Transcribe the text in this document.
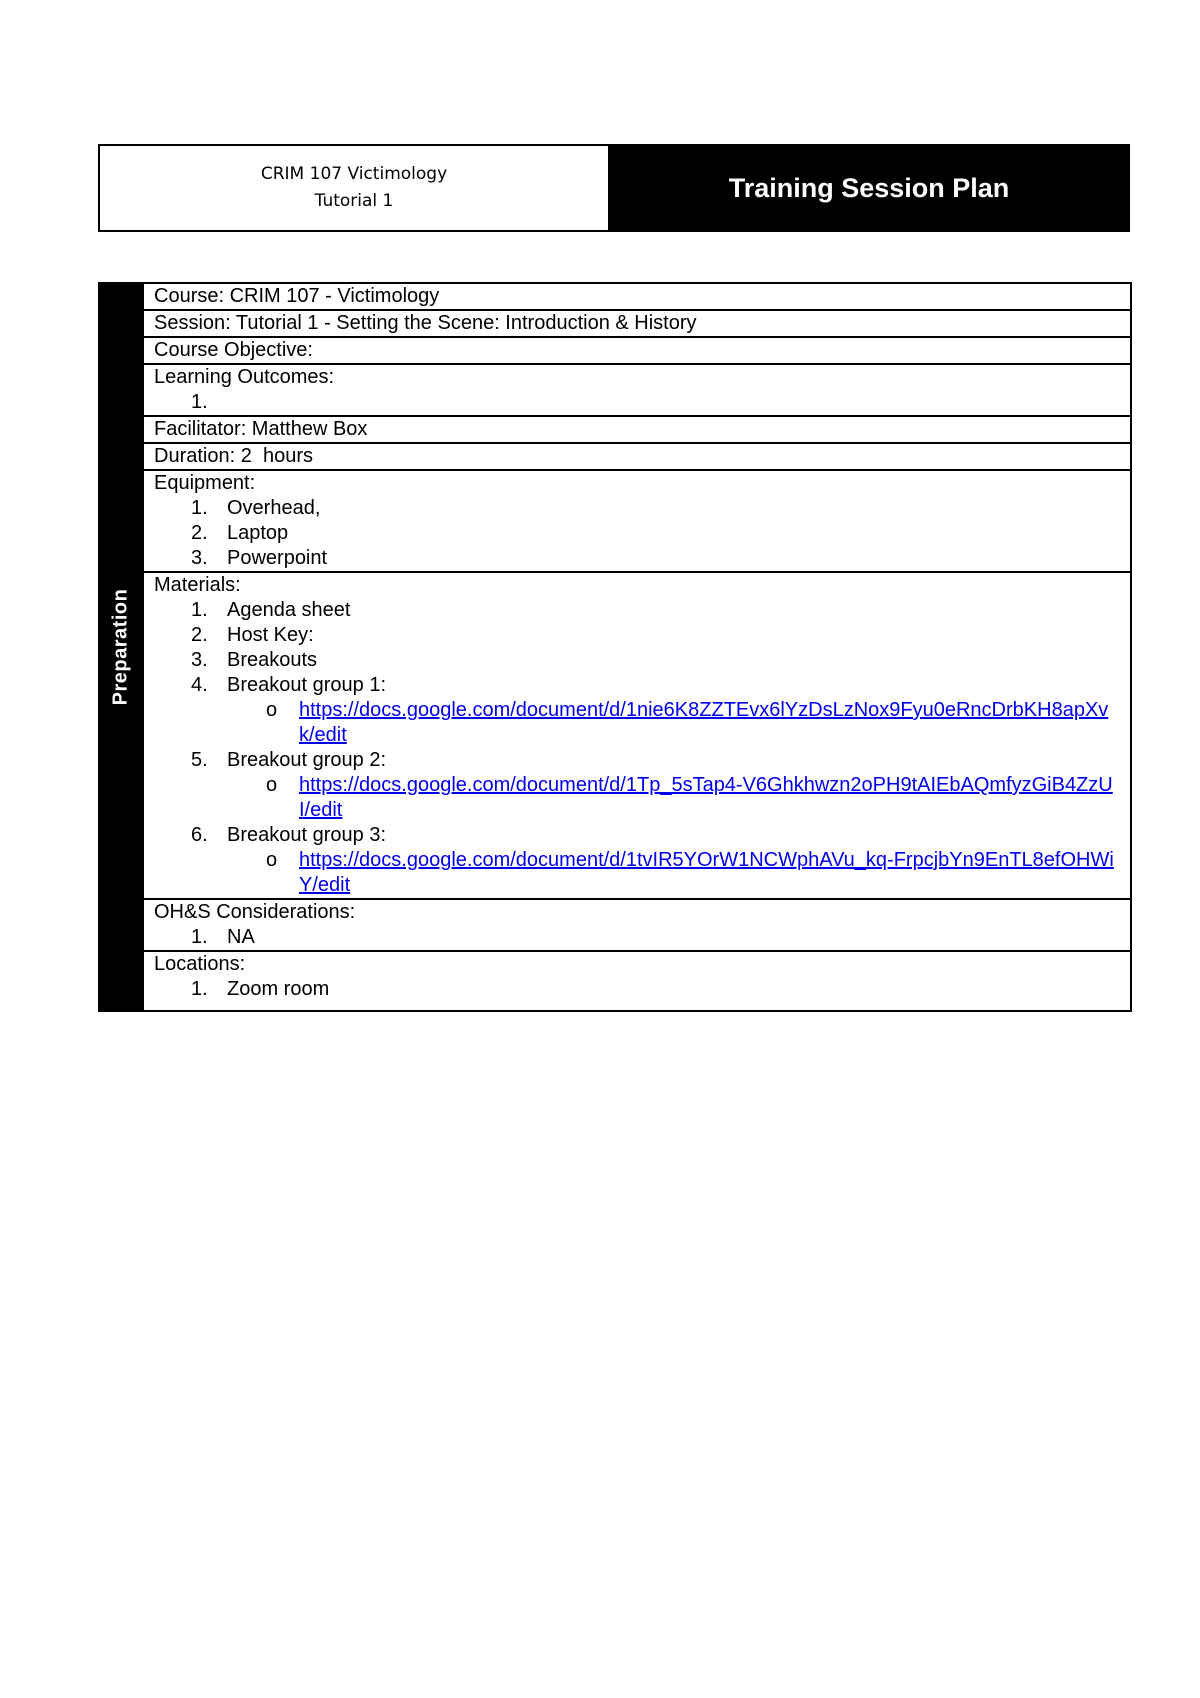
CRIM 107 Victimology
Tutorial 1	Training Session Plan
Preparation
Course: CRIM 107 - Victimology
Session: Tutorial 1 - Setting the Scene: Introduction & History
Course Objective:
Learning Outcomes:
1.

Facilitator: Matthew Box
Duration: 2  hours
Equipment:
1. Overhead,
2. Laptop
3. Powerpoint
Materials:
1. Agenda sheet
2. Host Key:
3. Breakouts
4. Breakout group 1:
o https://docs.google.com/document/d/1nie6K8ZZTEvx6lYzDsLzNox9Fyu0eRncDrbKH8apXvk/edit
5. Breakout group 2:
o https://docs.google.com/document/d/1Tp_5sTap4-V6Ghkhwzn2oPH9tAIEbAQmfyzGiB4ZzUI/edit
6. Breakout group 3:
o https://docs.google.com/document/d/1tvIR5YOrW1NCWphAVu_kq-FrpcjbYn9EnTL8efOHWiY/edit
OH&S Considerations:
1. NA
Locations:
1. Zoom room
